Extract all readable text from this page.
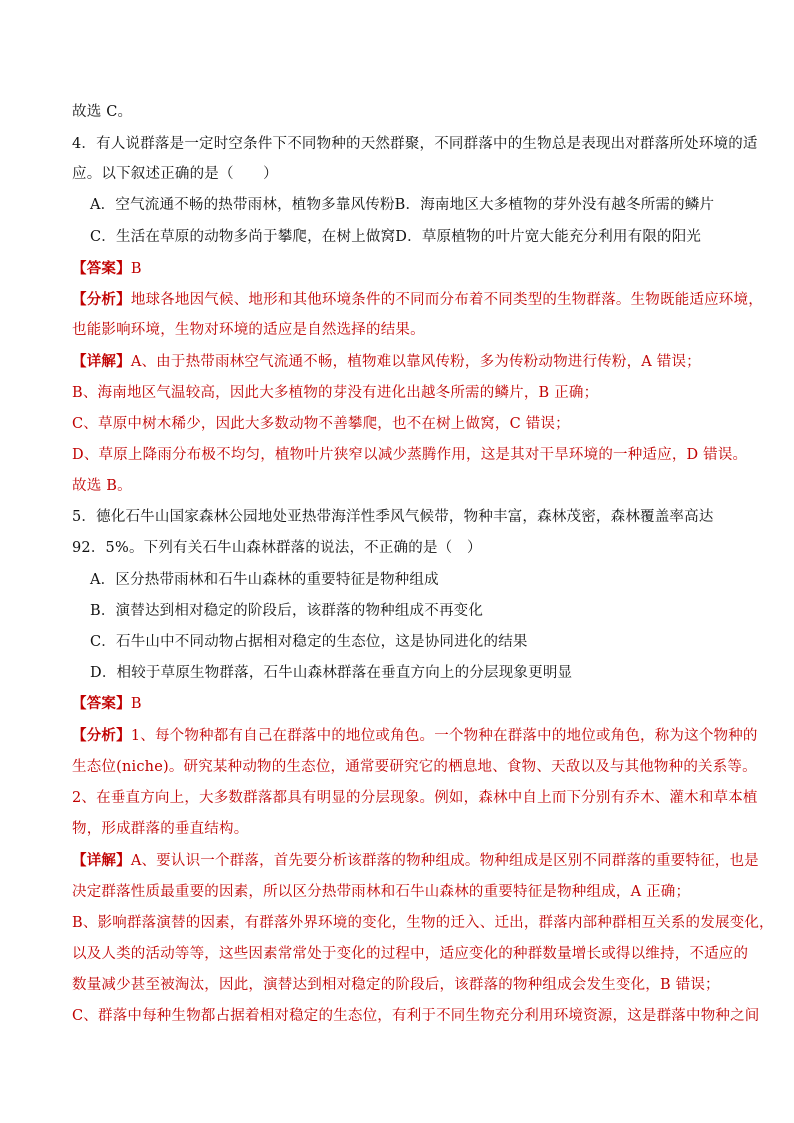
故选 C。
4．有人说群落是一定时空条件下不同物种的天然群聚，不同群落中的生物总是表现出对群落所处环境的适
应。以下叙述正确的是（　　）
A．空气流通不畅的热带雨林，植物多靠风传粉B．海南地区大多植物的芽外没有越冬所需的鳞片
C．生活在草原的动物多尚于攀爬，在树上做窝D．草原植物的叶片宽大能充分利用有限的阳光
【答案】B
【分析】地球各地因气候、地形和其他环境条件的不同而分布着不同类型的生物群落。生物既能适应环境，
也能影响环境，生物对环境的适应是自然选择的结果。
【详解】A、由于热带雨林空气流通不畅，植物难以靠风传粉，多为传粉动物进行传粉，A 错误；
B、海南地区气温较高，因此大多植物的芽没有进化出越冬所需的鳞片，B 正确；
C、草原中树木稀少，因此大多数动物不善攀爬，也不在树上做窝，C 错误；
D、草原上降雨分布极不均匀，植物叶片狭窄以减少蒸腾作用，这是其对干旱环境的一种适应，D 错误。
故选 B。
5．德化石牛山国家森林公园地处亚热带海洋性季风气候带，物种丰富，森林茂密，森林覆盖率高达
92．5%。下列有关石牛山森林群落的说法，不正确的是（　）
A．区分热带雨林和石牛山森林的重要特征是物种组成
B．演替达到相对稳定的阶段后，该群落的物种组成不再变化
C．石牛山中不同动物占据相对稳定的生态位，这是协同进化的结果
D．相较于草原生物群落，石牛山森林群落在垂直方向上的分层现象更明显
【答案】B
【分析】1、每个物种都有自己在群落中的地位或角色。一个物种在群落中的地位或角色，称为这个物种的
生态位(niche)。研究某种动物的生态位，通常要研究它的栖息地、食物、天敌以及与其他物种的关系等。
2、在垂直方向上，大多数群落都具有明显的分层现象。例如，森林中自上而下分别有乔木、灌木和草本植
物，形成群落的垂直结构。
【详解】A、要认识一个群落，首先要分析该群落的物种组成。物种组成是区别不同群落的重要特征，也是
决定群落性质最重要的因素，所以区分热带雨林和石牛山森林的重要特征是物种组成，A 正确；
B、影响群落演替的因素，有群落外界环境的变化，生物的迁入、迁出，群落内部种群相互关系的发展变化，
以及人类的活动等等，这些因素常常处于变化的过程中，适应变化的种群数量增长或得以维持，不适应的
数量减少甚至被淘汰，因此，演替达到相对稳定的阶段后，该群落的物种组成会发生变化，B 错误；
C、群落中每种生物都占据着相对稳定的生态位，有利于不同生物充分利用环境资源，这是群落中物种之间
